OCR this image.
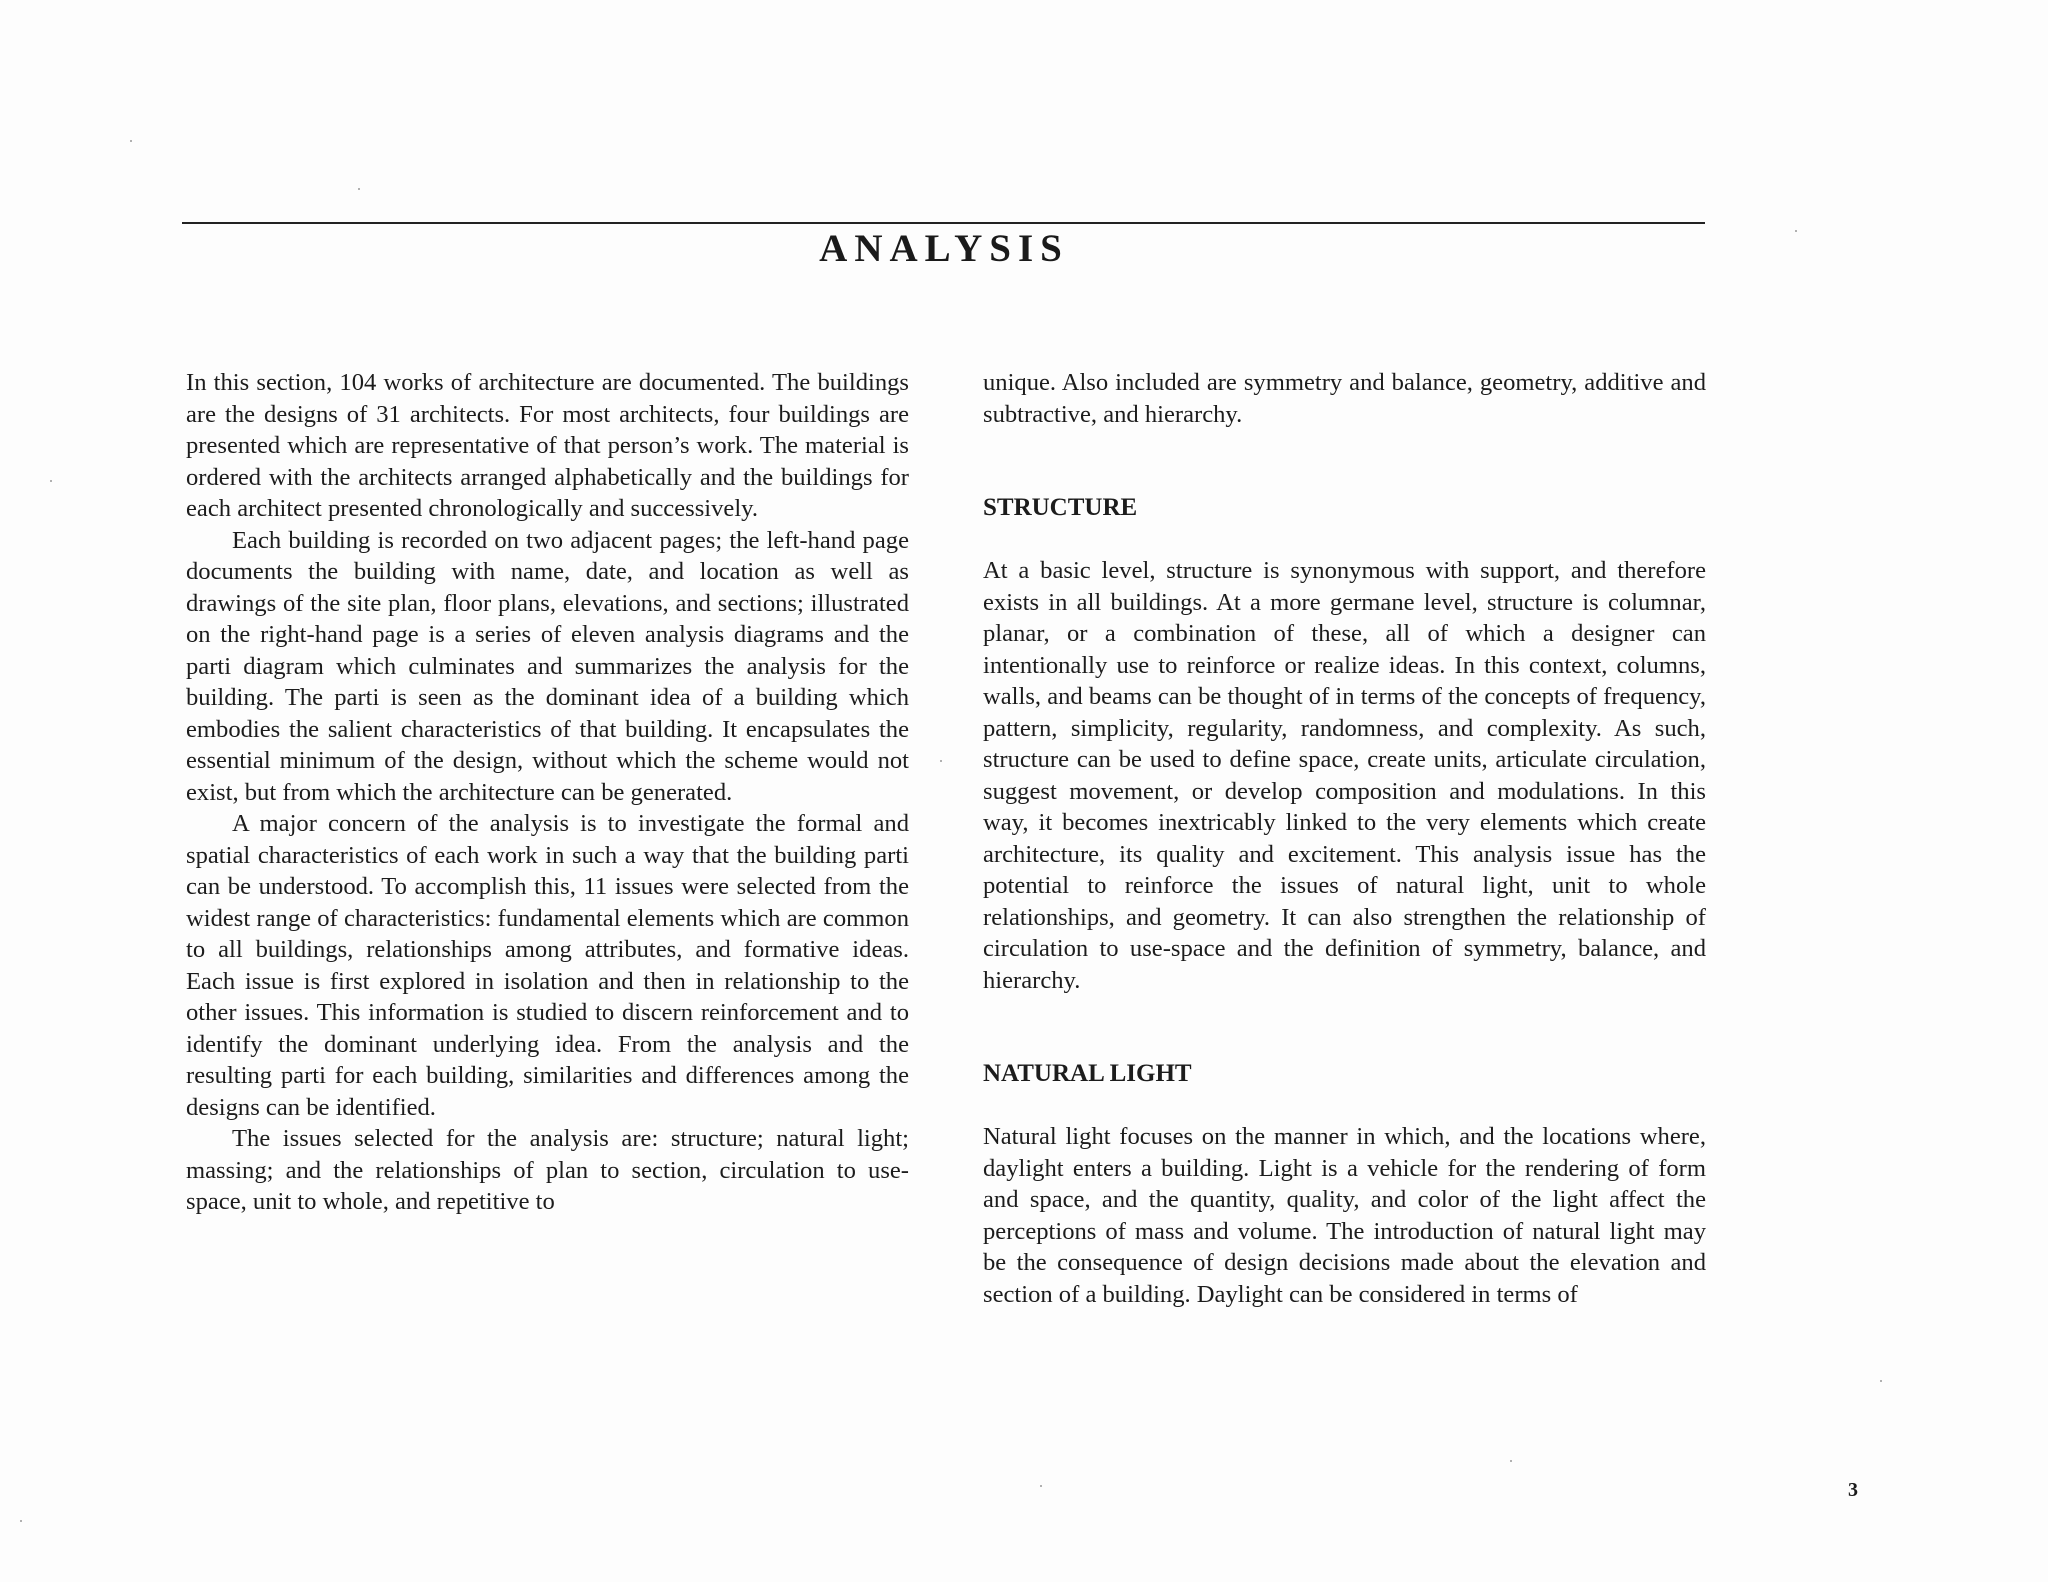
ANALYSIS

In this section, 104 works of architecture are documented. The buildings are the designs of 31 architects. For most architects, four buildings are presented which are representative of that person’s work. The material is ordered with the architects arranged alphabetically and the buildings for each architect presented chronologically and successively.

Each building is recorded on two adjacent pages; the left-hand page documents the building with name, date, and location as well as drawings of the site plan, floor plans, elevations, and sections; illustrated on the right-hand page is a series of eleven analysis diagrams and the parti diagram which culminates and summarizes the analysis for the building. The parti is seen as the dominant idea of a building which embodies the salient characteristics of that building. It encapsulates the essential minimum of the design, without which the scheme would not exist, but from which the architecture can be generated.

A major concern of the analysis is to investigate the formal and spatial characteristics of each work in such a way that the building parti can be understood. To accomplish this, 11 issues were selected from the widest range of characteristics: fundamental elements which are common to all buildings, relationships among attributes, and formative ideas. Each issue is first explored in isolation and then in relationship to the other issues. This information is studied to discern reinforcement and to identify the dominant underlying idea. From the analysis and the resulting parti for each building, similarities and differences among the designs can be identified.

The issues selected for the analysis are: structure; natural light; massing; and the relationships of plan to section, circulation to use-space, unit to whole, and repetitive to

unique. Also included are symmetry and balance, geometry, additive and subtractive, and hierarchy.

STRUCTURE

At a basic level, structure is synonymous with support, and therefore exists in all buildings. At a more germane level, structure is columnar, planar, or a combination of these, all of which a designer can intentionally use to reinforce or realize ideas. In this context, columns, walls, and beams can be thought of in terms of the concepts of frequency, pattern, simplicity, regularity, randomness, and complexity. As such, structure can be used to define space, create units, articulate circulation, suggest movement, or develop composition and modulations. In this way, it becomes inextricably linked to the very elements which create architecture, its quality and excitement. This analysis issue has the potential to reinforce the issues of natural light, unit to whole relationships, and geometry. It can also strengthen the relationship of circulation to use-space and the definition of symmetry, balance, and hierarchy.

NATURAL LIGHT

Natural light focuses on the manner in which, and the locations where, daylight enters a building. Light is a vehicle for the rendering of form and space, and the quantity, quality, and color of the light affect the perceptions of mass and volume. The introduction of natural light may be the consequence of design decisions made about the elevation and section of a building. Daylight can be considered in terms of

3
